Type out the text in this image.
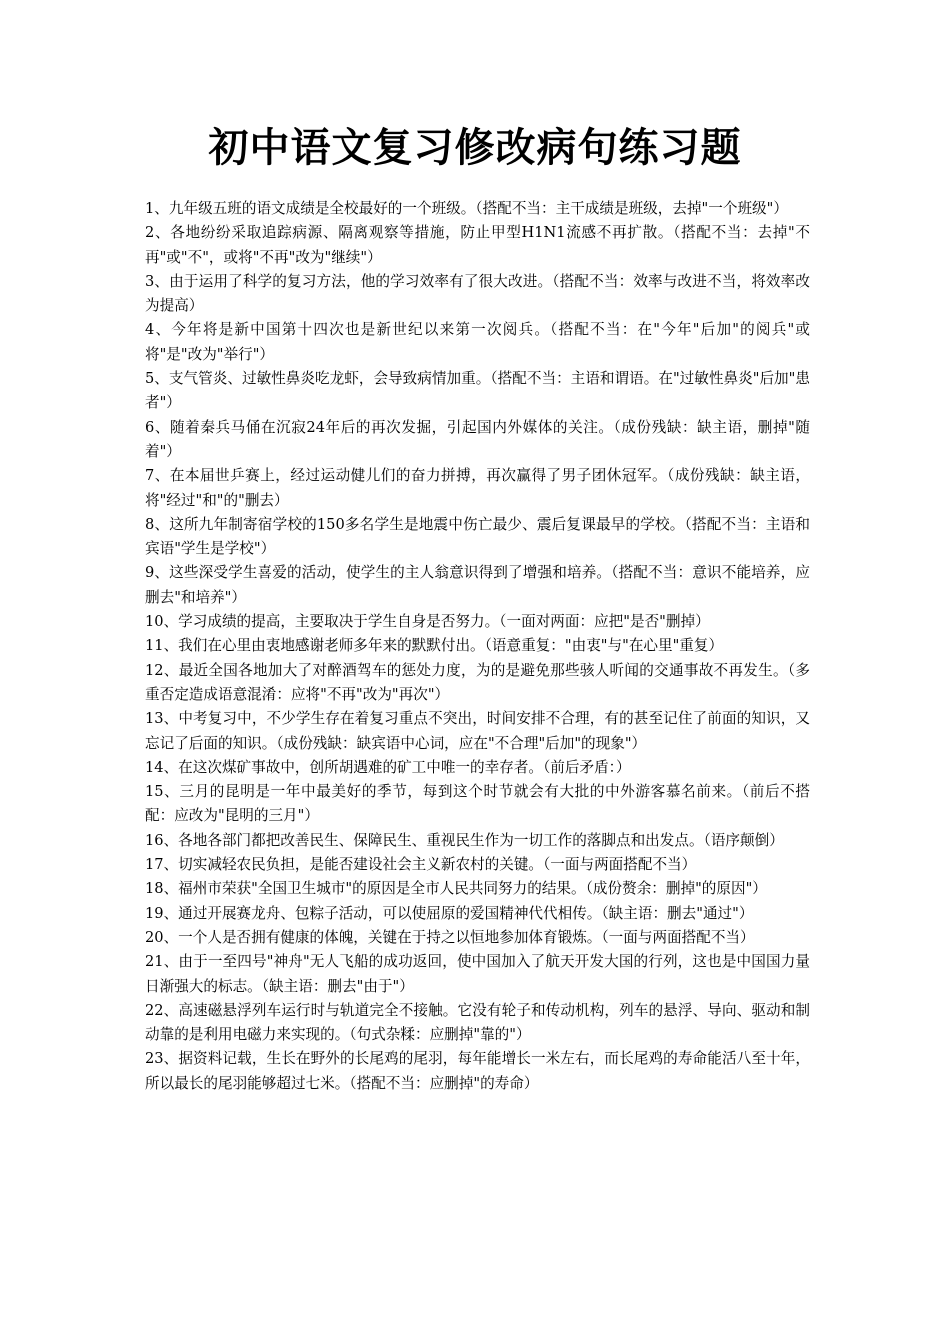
初中语文复习修改病句练习题
1、九年级五班的语文成绩是全校最好的一个班级。（搭配不当：主干成绩是班级，去掉"一个班级"）
2、各地纷纷采取追踪病源、隔离观察等措施，防止甲型H1N1流感不再扩散。（搭配不当：去掉"不再"或"不"，或将"不再"改为"继续"）
3、由于运用了科学的复习方法，他的学习效率有了很大改进。（搭配不当：效率与改进不当，将效率改为提高）
4、今年将是新中国第十四次也是新世纪以来第一次阅兵。（搭配不当：在"今年"后加"的阅兵"或将"是"改为"举行"）
5、支气管炎、过敏性鼻炎吃龙虾，会导致病情加重。（搭配不当：主语和谓语。在"过敏性鼻炎"后加"患者"）
6、随着秦兵马俑在沉寂24年后的再次发掘，引起国内外媒体的关注。（成份残缺：缺主语，删掉"随着"）
7、在本届世乒赛上，经过运动健儿们的奋力拼搏，再次赢得了男子团休冠军。（成份残缺：缺主语，将"经过"和"的"删去）
8、这所九年制寄宿学校的150多名学生是地震中伤亡最少、震后复课最早的学校。（搭配不当：主语和宾语"学生是学校"）
9、这些深受学生喜爱的活动，使学生的主人翁意识得到了增强和培养。（搭配不当：意识不能培养，应删去"和培养"）
10、学习成绩的提高，主要取决于学生自身是否努力。（一面对两面：应把"是否"删掉）
11、我们在心里由衷地感谢老师多年来的默默付出。（语意重复："由衷"与"在心里"重复）
12、最近全国各地加大了对醉酒驾车的惩处力度，为的是避免那些骇人听闻的交通事故不再发生。（多重否定造成语意混淆：应将"不再"改为"再次"）
13、中考复习中，不少学生存在着复习重点不突出，时间安排不合理，有的甚至记住了前面的知识，又忘记了后面的知识。（成份残缺：缺宾语中心词，应在"不合理"后加"的现象"）
14、在这次煤矿事故中，创所胡遇难的矿工中唯一的幸存者。（前后矛盾：）
15、三月的昆明是一年中最美好的季节，每到这个时节就会有大批的中外游客慕名前来。（前后不搭配：应改为"昆明的三月"）
16、各地各部门都把改善民生、保障民生、重视民生作为一切工作的落脚点和出发点。（语序颠倒）
17、切实减轻农民负担，是能否建设社会主义新农村的关键。（一面与两面搭配不当）
18、福州市荣获"全国卫生城市"的原因是全市人民共同努力的结果。（成份赘余：删掉"的原因"）
19、通过开展赛龙舟、包粽子活动，可以使屈原的爱国精神代代相传。（缺主语：删去"通过"）
20、一个人是否拥有健康的体魄，关键在于持之以恒地参加体育锻炼。（一面与两面搭配不当）
21、由于一至四号"神舟"无人飞船的成功返回，使中国加入了航天开发大国的行列，这也是中国国力量日渐强大的标志。（缺主语：删去"由于"）
22、高速磁悬浮列车运行时与轨道完全不接触。它没有轮子和传动机构，列车的悬浮、导向、驱动和制动靠的是利用电磁力来实现的。（句式杂糅：应删掉"靠的"）
23、据资料记载，生长在野外的长尾鸡的尾羽，每年能增长一米左右，而长尾鸡的寿命能活八至十年，所以最长的尾羽能够超过七米。（搭配不当：应删掉"的寿命）
